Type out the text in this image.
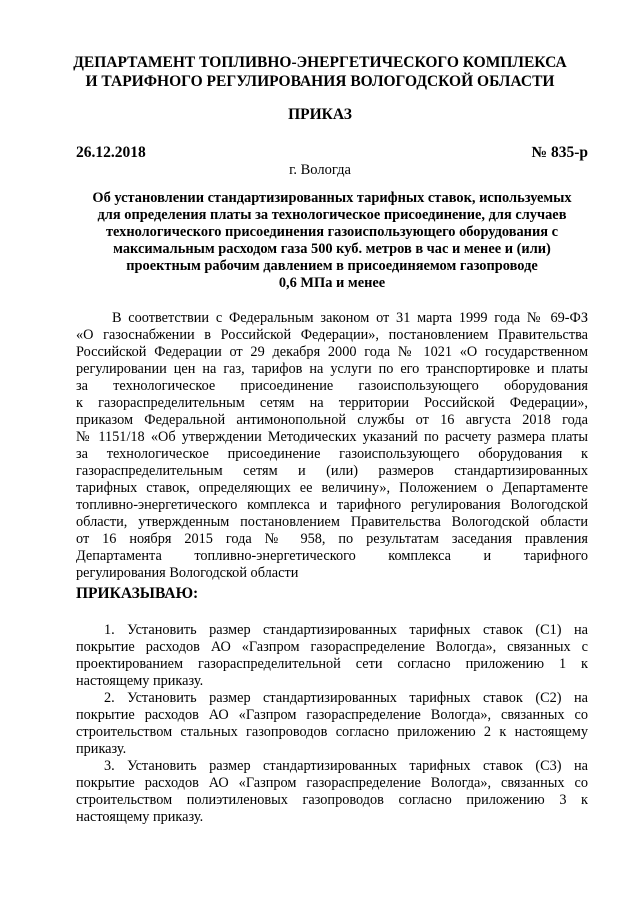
ДЕПАРТАМЕНТ ТОПЛИВНО-ЭНЕРГЕТИЧЕСКОГО КОМПЛЕКСА
И ТАРИФНОГО РЕГУЛИРОВАНИЯ ВОЛОГОДСКОЙ ОБЛАСТИ
ПРИКАЗ
26.12.2018	№ 835-р
г. Вологда
Об установлении стандартизированных тарифных ставок, используемых
для определения платы за технологическое присоединение, для случаев
технологического присоединения газоиспользующего оборудования с
максимальным расходом газа 500 куб. метров в час и менее и (или)
проектным рабочим давлением в присоединяемом газопроводе
0,6 МПа и менее
В соответствии с Федеральным законом от 31 марта 1999 года № 69-ФЗ
«О газоснабжении в Российской Федерации», постановлением Правительства
Российской Федерации от 29 декабря 2000 года № 1021 «О государственном
регулировании цен на газ, тарифов на услуги по его транспортировке и платы
за технологическое присоединение газоиспользующего оборудования
к газораспределительным сетям на территории Российской Федерации»,
приказом Федеральной антимонопольной службы от 16 августа 2018 года
№ 1151/18 «Об утверждении Методических указаний по расчету размера платы
за технологическое присоединение газоиспользующего оборудования к
газораспределительным сетям и (или) размеров стандартизированных
тарифных ставок, определяющих ее величину», Положением о Департаменте
топливно-энергетического комплекса и тарифного регулирования Вологодской
области, утвержденным постановлением Правительства Вологодской области
от 16 ноября 2015 года № 958, по результатам заседания правления
Департамента топливно-энергетического комплекса и тарифного
регулирования Вологодской области
ПРИКАЗЫВАЮ:
1. Установить размер стандартизированных тарифных ставок (С1) на
покрытие расходов АО «Газпром газораспределение Вологда», связанных с
проектированием газораспределительной сети согласно приложению 1 к
настоящему приказу.
2. Установить размер стандартизированных тарифных ставок (С2) на
покрытие расходов АО «Газпром газораспределение Вологда», связанных со
строительством стальных газопроводов согласно приложению 2 к настоящему
приказу.
3. Установить размер стандартизированных тарифных ставок (С3) на
покрытие расходов АО «Газпром газораспределение Вологда», связанных со
строительством полиэтиленовых газопроводов согласно приложению 3 к
настоящему приказу.
